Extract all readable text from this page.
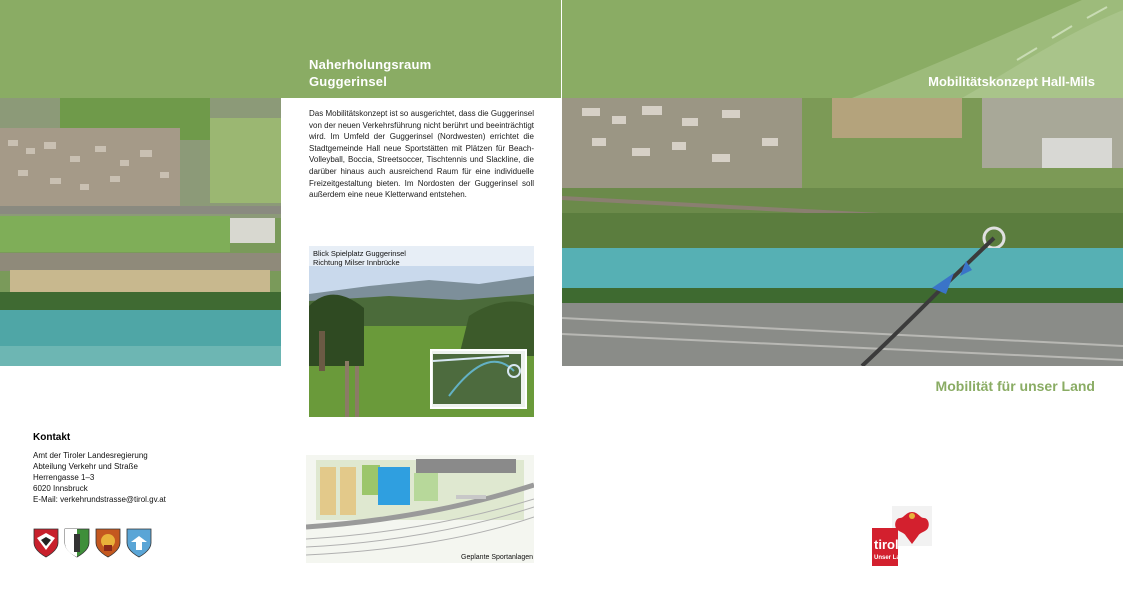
Naherholungsraum
Guggerinsel
Das Mobilitätskonzept ist so ausgerichtet, dass die Guggerinsel von der neuen Verkehrsführung nicht berührt und beeinträchtigt wird. Im Umfeld der Guggerinsel (Nordwesten) errichtet die Stadtgemeinde Hall neue Sportstätten mit Plätzen für Beach-Volleyball, Boccia, Streetsoccer, Tischtennis und Slackline, die darüber hinaus auch ausreichend Raum für eine individuelle Freizeitgestaltung bieten. Im Nordosten der Guggerinsel soll außerdem eine neue Kletterwand entstehen.
Blick Spielplatz Guggerinsel
Richtung Milser Innbrücke
Geplante Sportanlagen
Kontakt
Amt der Tiroler Landesregierung
Abteilung Verkehr und Straße
Herrengasse 1–3
6020 Innsbruck
E-Mail: verkehrundstrasse@tirol.gv.at
Mobilitätskonzept Hall-Mils
Mobilität für unser Land
tirol
Unser Land
